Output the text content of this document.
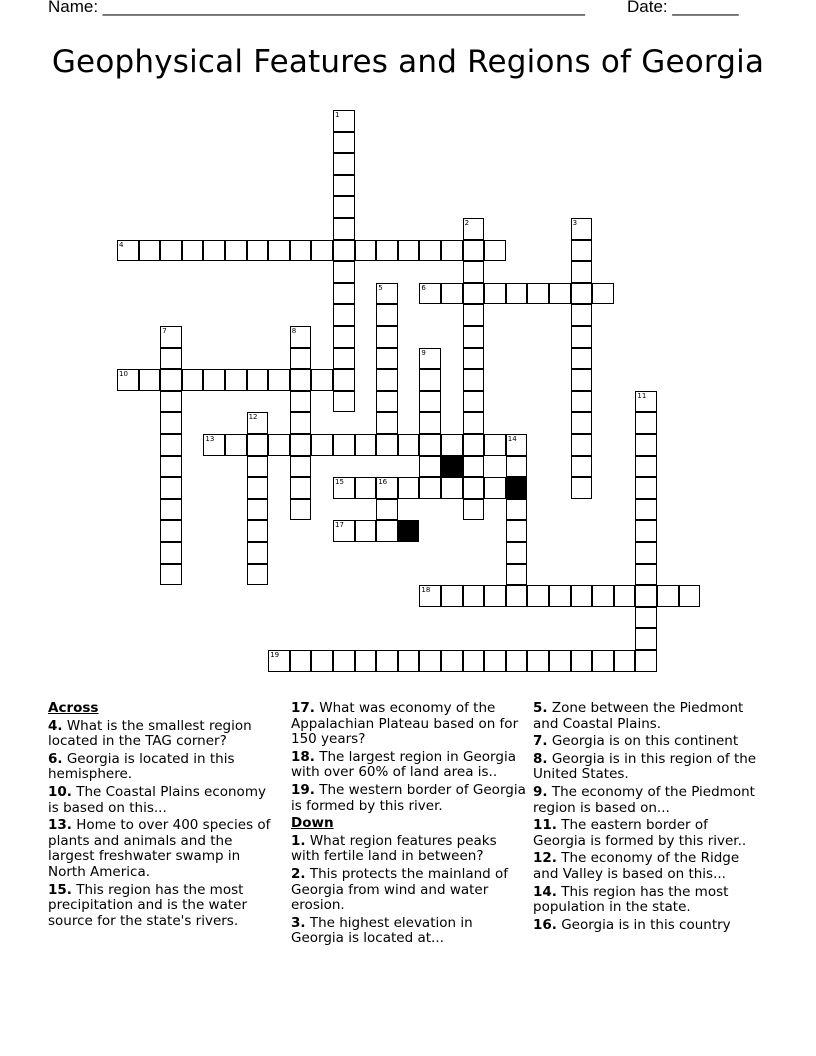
Name: ___________________________________________________ Date: _______
Geophysical Features and Regions of Georgia
1
2	3
4
5	6
7	8
9
10
11
12
13	14
15	16
17
18
19
Across
4. What is the smallest region located in the TAG corner?
6. Georgia is located in this hemisphere.
10. The Coastal Plains economy is based on this...
13. Home to over 400 species of plants and animals and the largest freshwater swamp in North America.
15. This region has the most precipitation and is the water source for the state's rivers.
17. What was economy of the Appalachian Plateau based on for 150 years?
18. The largest region in Georgia with over 60% of land area is..
19. The western border of Georgia is formed by this river.
Down
1. What region features peaks with fertile land in between?
2. This protects the mainland of Georgia from wind and water erosion.
3. The highest elevation in Georgia is located at...
5. Zone between the Piedmont and Coastal Plains.
7. Georgia is on this continent
8. Georgia is in this region of the United States.
9. The economy of the Piedmont region is based on...
11. The eastern border of Georgia is formed by this river..
12. The economy of the Ridge and Valley is based on this...
14. This region has the most population in the state.
16. Georgia is in this country
